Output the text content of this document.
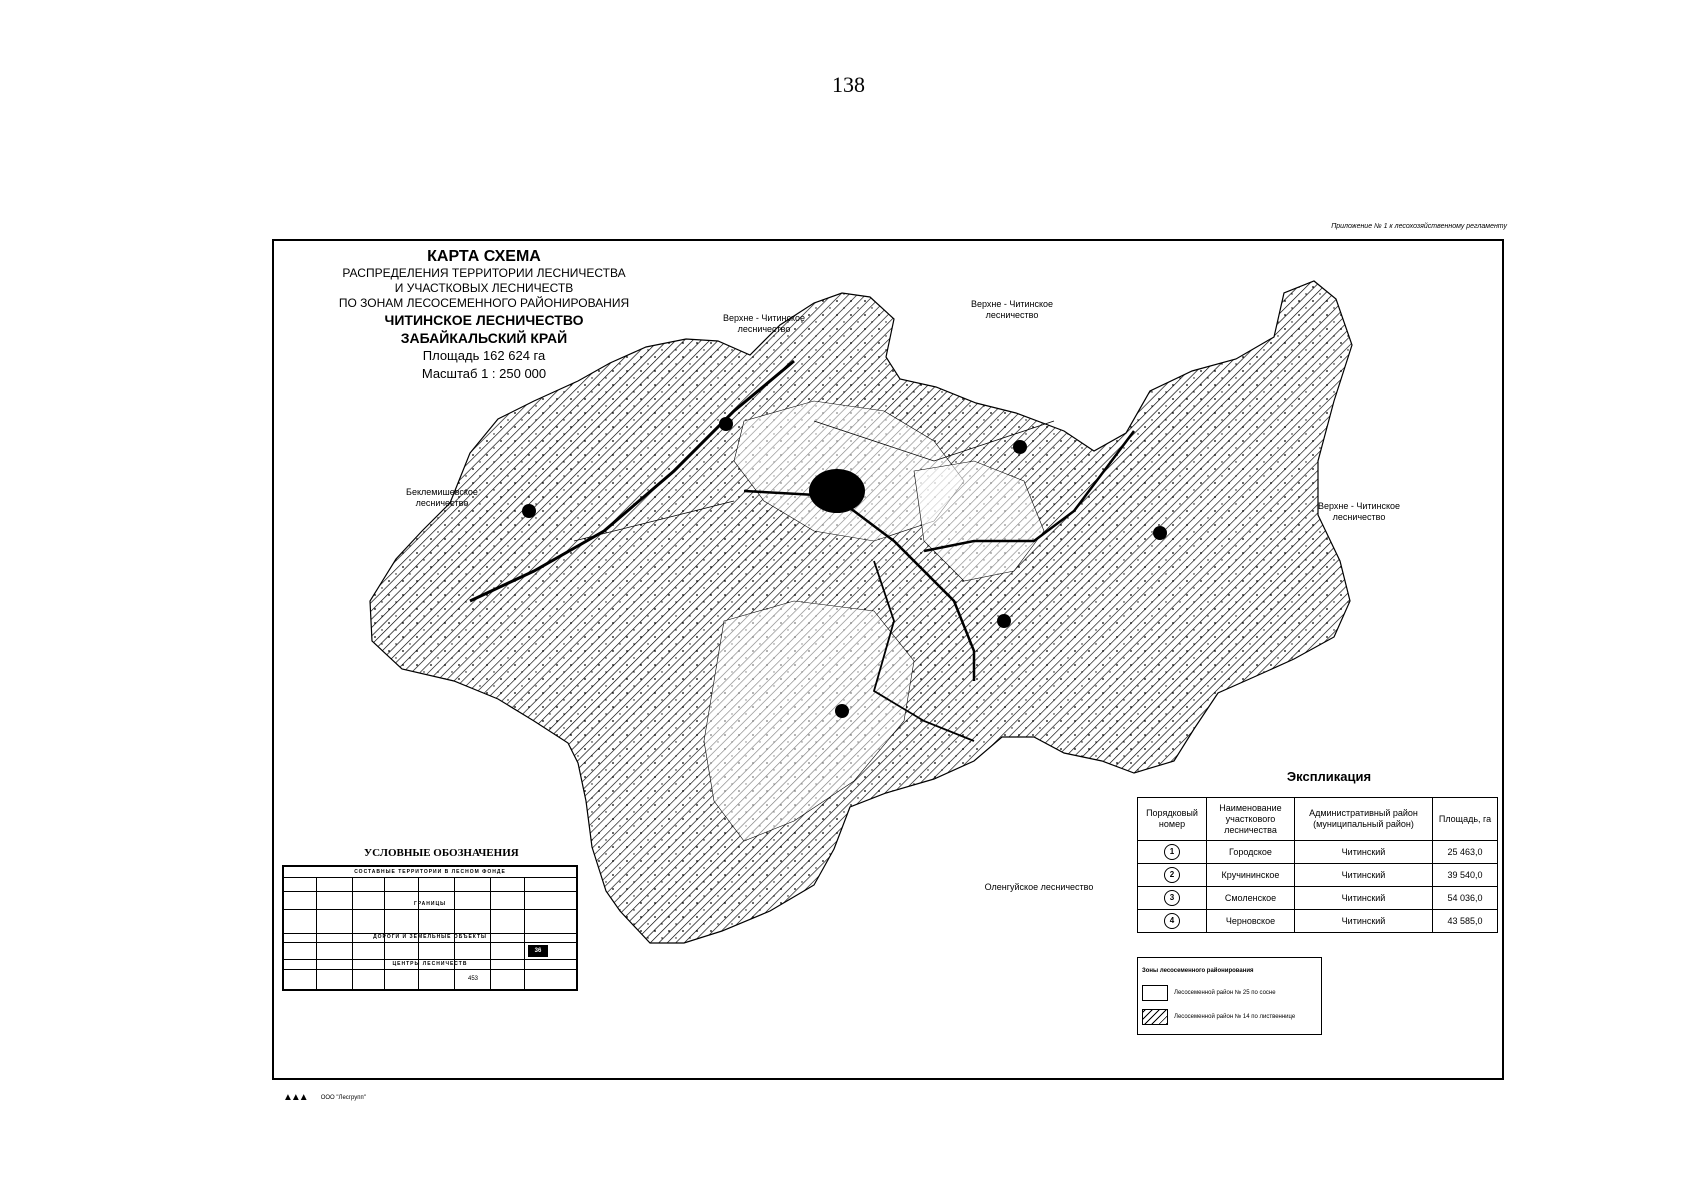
138
Приложение № 1 к лесохозяйственному регламенту
КАРТА СХЕМА
РАСПРЕДЕЛЕНИЯ ТЕРРИТОРИИ ЛЕСНИЧЕСТВА
И УЧАСТКОВЫХ ЛЕСНИЧЕСТВ
ПО ЗОНАМ ЛЕСОСЕМЕННОГО РАЙОНИРОВАНИЯ
ЧИТИНСКОЕ ЛЕСНИЧЕСТВО
ЗАБАЙКАЛЬСКИЙ КРАЙ
Площадь 162 624 га
Масштаб 1 : 250 000
Верхне - Читинское лесничество
Верхне - Читинское лесничество
Верхне - Читинское лесничество
Беклемишевское лесничество
Оленгуйское лесничество
Экспликация
Порядковый номер	Наименование участкового лесничества	Административный район (муниципальный район)	Площадь, га
1	Городское	Читинский	25 463,0
2	Кручининское	Читинский	39 540,0
3	Смоленское	Читинский	54 036,0
4	Черновское	Читинский	43 585,0
Зоны лесосеменного районирования
Лесосеменной район № 25 по сосне
Лесосеменной район № 14 по лиственнице
УСЛОВНЫЕ ОБОЗНАЧЕНИЯ
СОСТАВНЫЕ ТЕРРИТОРИИ В ЛЕСНОМ ФОНДЕ
ГРАНИЦЫ
ДОРОГИ И ЗЕМЕЛЬНЫЕ ОБЪЕКТЫ
ЦЕНТРЫ ЛЕСНИЧЕСТВ
36
453
▲▲▲ ООО "Лесгрупп"
